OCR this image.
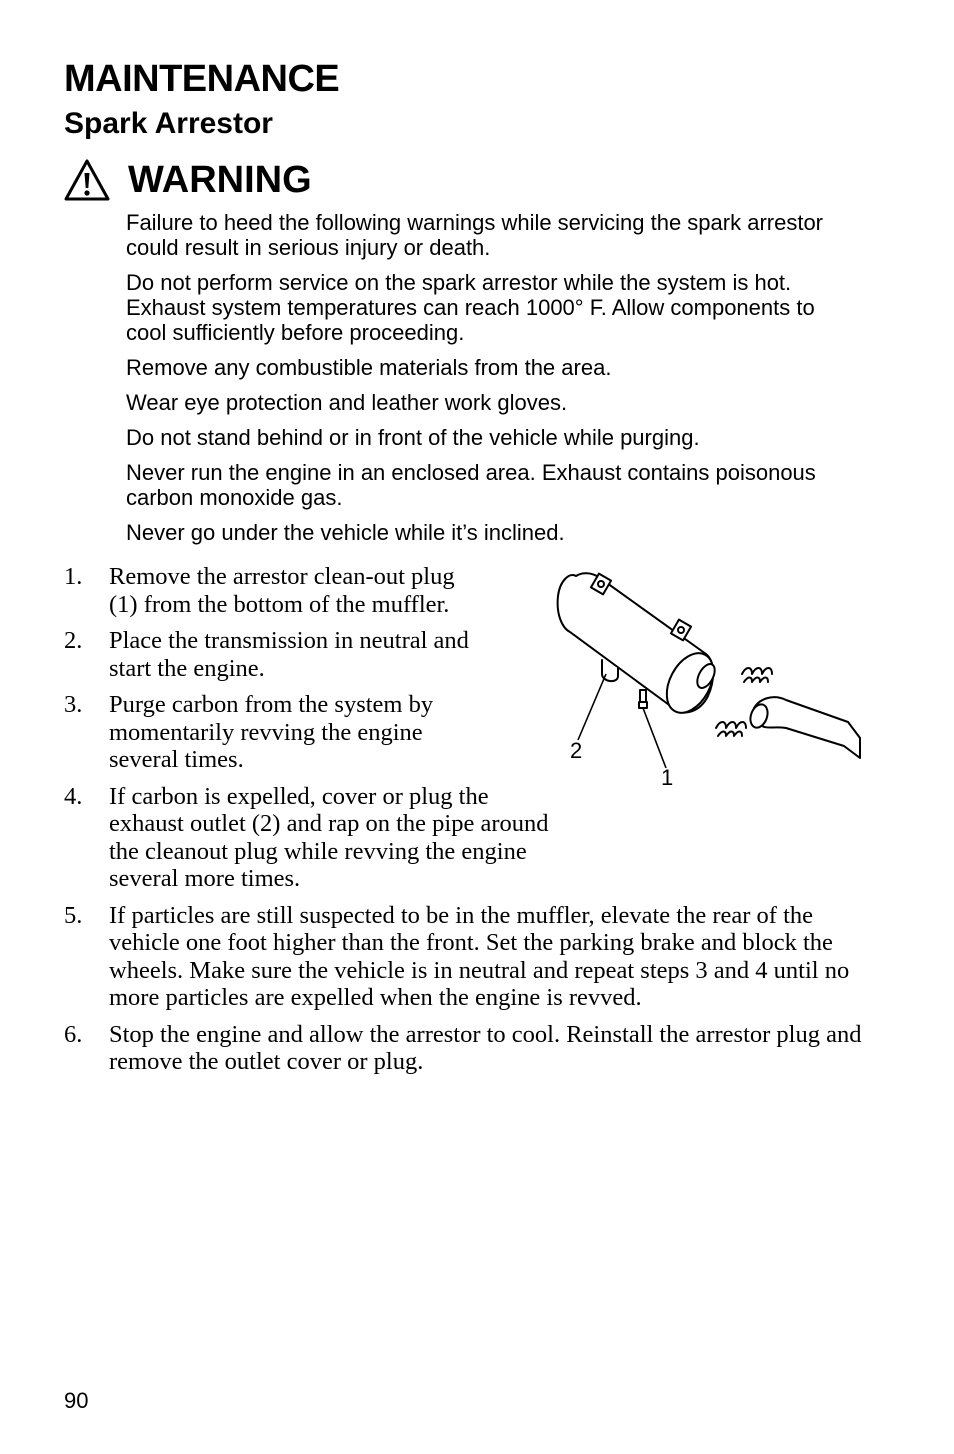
MAINTENANCE
Spark Arrestor
WARNING

Failure to heed the following warnings while servicing the spark arrestor could result in serious injury or death.

Do not perform service on the spark arrestor while the system is hot. Exhaust system temperatures can reach 1000° F. Allow components to cool sufficiently before proceeding.

Remove any combustible materials from the area.

Wear eye protection and leather work gloves.

Do not stand behind or in front of the vehicle while purging.

Never run the engine in an enclosed area. Exhaust contains poisonous carbon monoxide gas.

Never go under the vehicle while it’s inclined.

1.	Remove the arrestor clean-out plug (1) from the bottom of the muffler.
2.	Place the transmission in neutral and start the engine.
3.	Purge carbon from the system by momentarily revving the engine several times.
4.	If carbon is expelled, cover or plug the exhaust outlet (2) and rap on the pipe around the cleanout plug while revving the engine several more times.
5.	If particles are still suspected to be in the muffler, elevate the rear of the vehicle one foot higher than the front. Set the parking brake and block the wheels. Make sure the vehicle is in neutral and repeat steps 3 and 4 until no more particles are expelled when the engine is revved.
6.	Stop the engine and allow the arrestor to cool. Reinstall the arrestor plug and remove the outlet cover or plug.
2
1
90
